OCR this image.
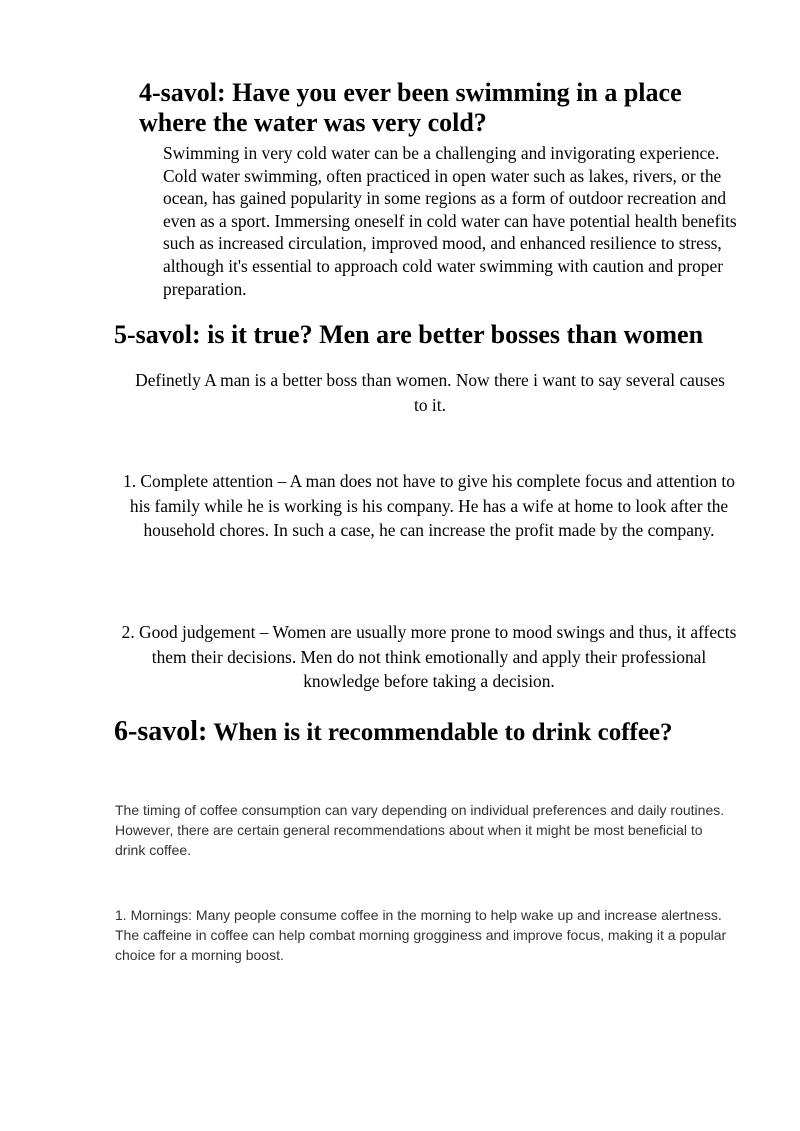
4-savol: Have you ever been swimming in a place where the water was very cold?

Swimming in very cold water can be a challenging and invigorating experience. Cold water swimming, often practiced in open water such as lakes, rivers, or the ocean, has gained popularity in some regions as a form of outdoor recreation and even as a sport. Immersing oneself in cold water can have potential health benefits such as increased circulation, improved mood, and enhanced resilience to stress, although it's essential to approach cold water swimming with caution and proper preparation.

5-savol: is it true? Men are better bosses than women

Definetly A man is a better boss than women. Now there i want to say several causes to it.

1. Complete attention – A man does not have to give his complete focus and attention to his family while he is working is his company. He has a wife at home to look after the household chores. In such a case, he can increase the profit made by the company.

2. Good judgement – Women are usually more prone to mood swings and thus, it affects them their decisions. Men do not think emotionally and apply their professional knowledge before taking a decision.

6-savol: When is it recommendable to drink coffee?

The timing of coffee consumption can vary depending on individual preferences and daily routines. However, there are certain general recommendations about when it might be most beneficial to drink coffee.

1. Mornings: Many people consume coffee in the morning to help wake up and increase alertness. The caffeine in coffee can help combat morning grogginess and improve focus, making it a popular choice for a morning boost.
